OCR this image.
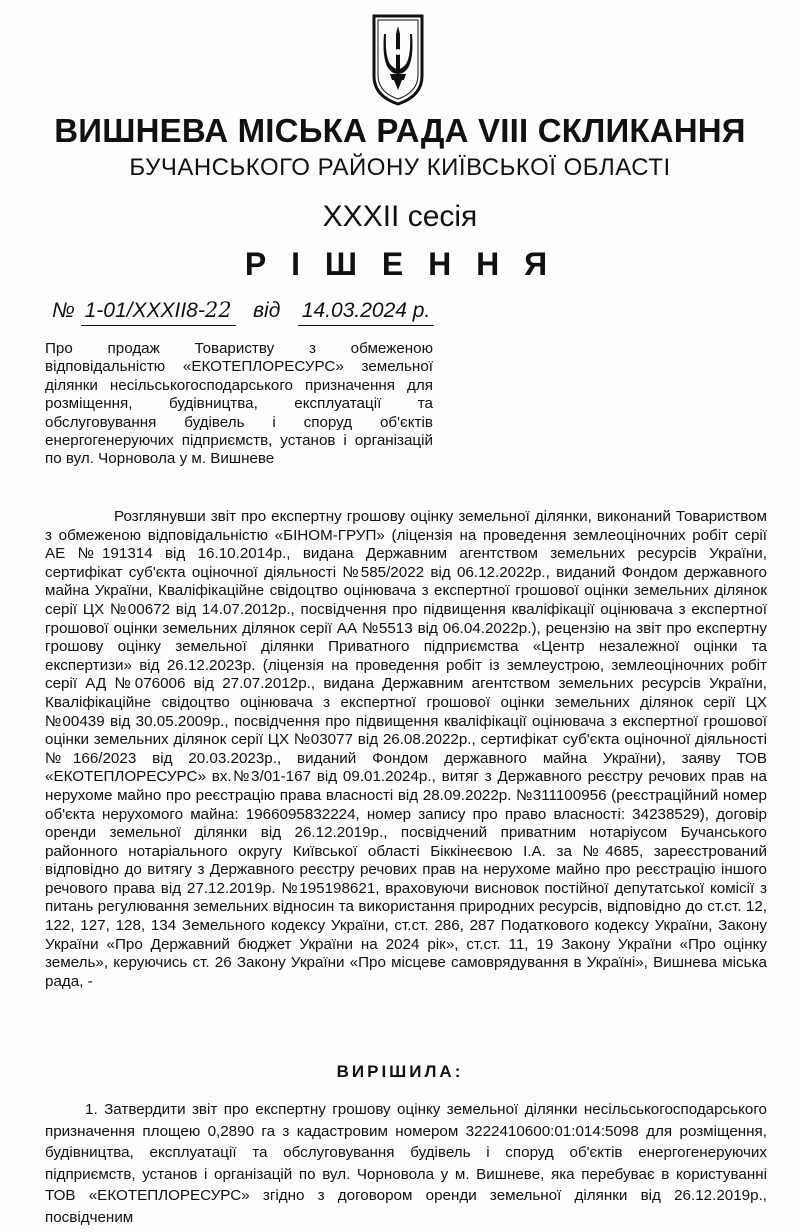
ВИШНЕВА МІСЬКА РАДА VIII СКЛИКАННЯ
БУЧАНСЬКОГО РАЙОНУ КИЇВСЬКОЇ ОБЛАСТІ
XXXII сесія
Р І Ш Е Н Н Я
№ 1-01/XXXII8-22 від 14.03.2024 р.
Про продаж Товариству з обмеженою відповідальністю «ЕКОТЕПЛОРЕСУРС» земельної ділянки несільськогосподарського призначення для розміщення, будівництва, експлуатації та обслуговування будівель і споруд об'єктів енергогенеруючих підприємств, установ і організацій по вул. Чорновола у м. Вишневе
Розглянувши звіт про експертну грошову оцінку земельної ділянки, виконаний Товариством з обмеженою відповідальністю «БІНОМ-ГРУП» (ліцензія на проведення землеоціночних робіт серії АЕ №191314 від 16.10.2014р., видана Державним агентством земельних ресурсів України, сертифікат суб'єкта оціночної діяльності №585/2022 від 06.12.2022р., виданий Фондом державного майна України, Кваліфікаційне свідоцтво оцінювача з експертної грошової оцінки земельних ділянок серії ЦХ №00672 від 14.07.2012р., посвідчення про підвищення кваліфікації оцінювача з експертної грошової оцінки земельних ділянок серії АА №5513 від 06.04.2022р.), рецензію на звіт про експертну грошову оцінку земельної ділянки Приватного підприємства «Центр незалежної оцінки та експертизи» від 26.12.2023р. (ліцензія на проведення робіт із землеустрою, землеоціночних робіт серії АД №076006 від 27.07.2012р., видана Державним агентством земельних ресурсів України, Кваліфікаційне свідоцтво оцінювача з експертної грошової оцінки земельних ділянок серії ЦХ №00439 від 30.05.2009р., посвідчення про підвищення кваліфікації оцінювача з експертної грошової оцінки земельних ділянок серії ЦХ №03077 від 26.08.2022р., сертифікат суб'єкта оціночної діяльності №166/2023 від 20.03.2023р., виданий Фондом державного майна України), заяву ТОВ «ЕКОТЕПЛОРЕСУРС» вх.№3/01-167 від 09.01.2024р., витяг з Державного реєстру речових прав на нерухоме майно про реєстрацію права власності від 28.09.2022р. №311100956 (реєстраційний номер об'єкта нерухомого майна: 1966095832224, номер запису про право власності: 34238529), договір оренди земельної ділянки від 26.12.2019р., посвідчений приватним нотаріусом Бучанського районного нотаріального округу Київської області Біккінеєвою І.А. за №4685, зареєстрований відповідно до витягу з Державного реєстру речових прав на нерухоме майно про реєстрацію іншого речового права від 27.12.2019р. №195198621, враховуючи висновок постійної депутатської комісії з питань регулювання земельних відносин та використання природних ресурсів, відповідно до ст.ст. 12, 122, 127, 128, 134 Земельного кодексу України, ст.ст. 286, 287 Податкового кодексу України, Закону України «Про Державний бюджет України на 2024 рік», ст.ст. 11, 19 Закону України «Про оцінку земель», керуючись ст. 26 Закону України «Про місцеве самоврядування в Україні», Вишнева міська рада, -
ВИРІШИЛА:
1. Затвердити звіт про експертну грошову оцінку земельної ділянки несільськогосподарського призначення площею 0,2890 га з кадастровим номером 3222410600:01:014:5098 для розміщення, будівництва, експлуатації та обслуговування будівель і споруд об'єктів енергогенеруючих підприємств, установ і організацій по вул. Чорновола у м. Вишневе, яка перебуває в користуванні ТОВ «ЕКОТЕПЛОРЕСУРС» згідно з договором оренди земельної ділянки від 26.12.2019р., посвідченим
